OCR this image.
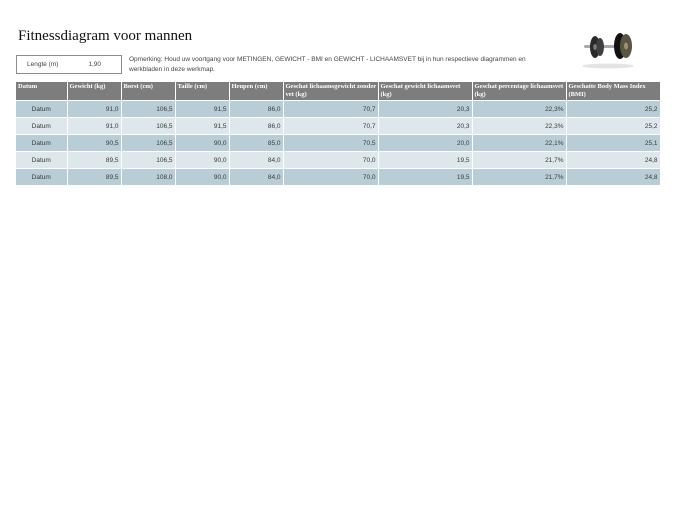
Fitnessdiagram voor mannen
Lengte (m)	1,90
Opmerking: Houd uw voortgang voor METINGEN, GEWICHT - BMI en GEWICHT - LICHAAMSVET bij in hun respectieve diagrammen en werkbladen in deze werkmap.
Datum	Gewicht (kg)	Borst (cm)	Taille (cm)	Heupen (cm)	Geschat lichaamsgewicht zonder vet (kg)	Geschat gewicht lichaamsvet (kg)	Geschat percentage lichaamsvet (kg)	Geschatte Body Mass Index (BMI)
Datum	91,0	106,5	91,5	86,0	70,7	20,3	22,3%	25,2
Datum	91,0	106,5	91,5	86,0	70,7	20,3	22,3%	25,2
Datum	90,5	106,5	90,0	85,0	70,5	20,0	22,1%	25,1
Datum	89,5	106,5	90,0	84,0	70,0	19,5	21,7%	24,8
Datum	89,5	108,0	90,0	84,0	70,0	19,5	21,7%	24,8
